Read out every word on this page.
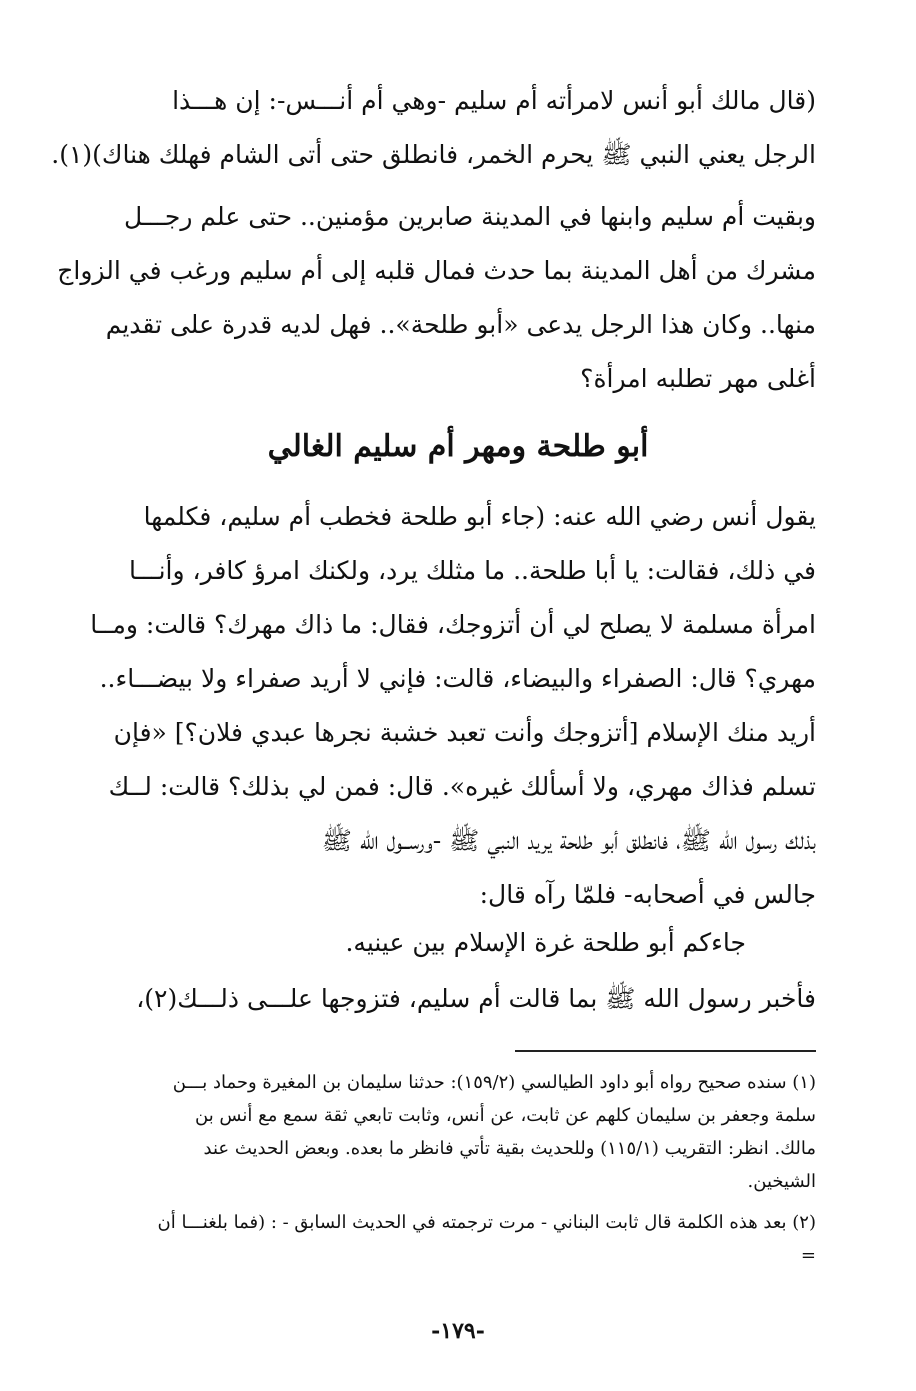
(قال مالك أبو أنس لامرأته أم سليم -وهي أم أنـــس-: إن هـــذا
الرجل يعني النبي ﷺ يحرم الخمر، فانطلق حتى أتى الشام فهلك هناك)(١).
وبقيت أم سليم وابنها في المدينة صابرين مؤمنين.. حتى علم رجـــل
مشرك من أهل المدينة بما حدث فمال قلبه إلى أم سليم ورغب في الزواج
منها.. وكان هذا الرجل يدعى «أبو طلحة».. فهل لديه قدرة على تقديم
أغلى مهر تطلبه امرأة؟
أبو طلحة ومهر أم سليم الغالي
يقول أنس رضي الله عنه: (جاء أبو طلحة فخطب أم سليم، فكلمها
في ذلك، فقالت: يا أبا طلحة.. ما مثلك يرد، ولكنك امرؤ كافر، وأنـــا
امرأة مسلمة لا يصلح لي أن أتزوجك، فقال: ما ذاك مهرك؟ قالت: ومــا
مهري؟ قال: الصفراء والبيضاء، قالت: فإني لا أريد صفراء ولا بيضـــاء..
أريد منك الإسلام [أتزوجك وأنت تعبد خشبة نجرها عبدي فلان؟] «فإن
تسلم فذاك مهري، ولا أسألك غيره». قال: فمن لي بذلك؟ قالت: لــك
بذلك رسول الله ﷺ، فانطلق أبو طلحة يريد النبي ﷺ -ورســول الله ﷺ
جالس في أصحابه- فلمّا رآه قال:
جاءكم أبو طلحة غرة الإسلام بين عينيه.
فأخبر رسول الله ﷺ بما قالت أم سليم، فتزوجها علـــى ذلـــك(٢)،
(١) سنده صحيح رواه أبو داود الطيالسي (١٥٩/٢): حدثنا سليمان بن المغيرة وحماد بـــن
سلمة وجعفر بن سليمان كلهم عن ثابت، عن أنس، وثابت تابعي ثقة سمع مع أنس بن
مالك. انظر: التقريب (١١٥/١) وللحديث بقية تأتي فانظر ما بعده. وبعض الحديث عند
الشيخين.
(٢) بعد هذه الكلمة قال ثابت البناني - مرت ترجمته في الحديث السابق - : (فما بلغنـــا أن
=
-١٧٩-
